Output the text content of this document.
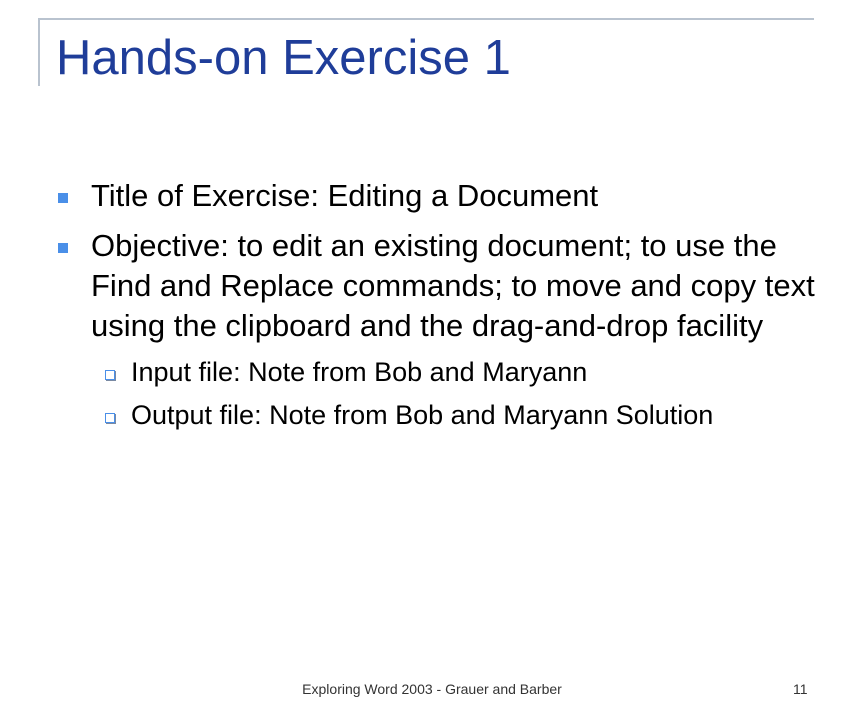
Hands-on Exercise 1
Title of Exercise: Editing a Document
Objective: to edit an existing document; to use the Find and Replace commands; to move and copy text using the clipboard and the drag-and-drop facility
Input file: Note from Bob and Maryann
Output file: Note from Bob and Maryann Solution
Exploring Word 2003 - Grauer and Barber	11
